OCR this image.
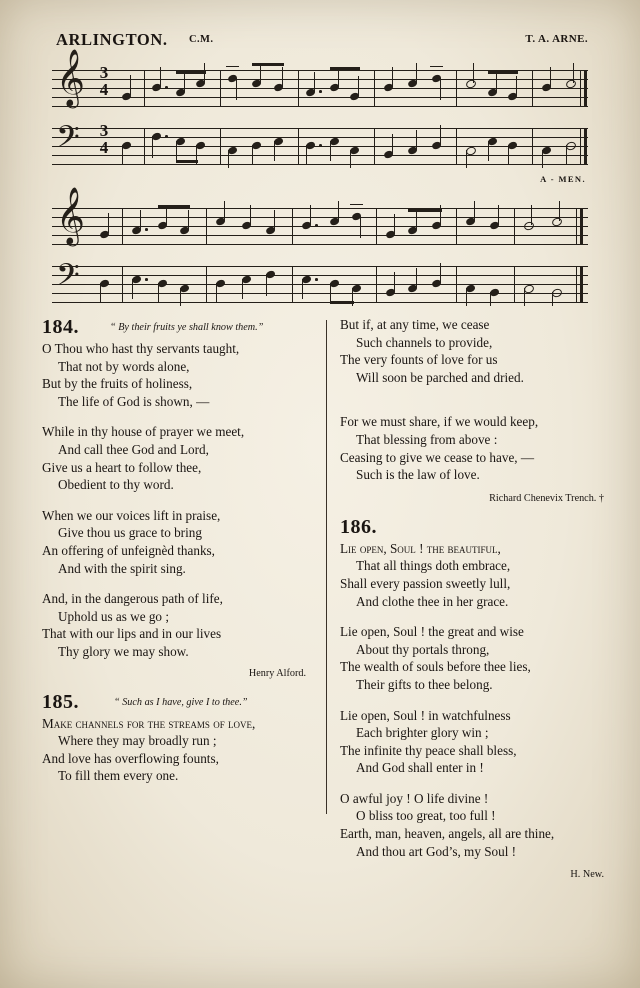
ARLINGTON. C.M.	T. A. ARNE.
𝄞 3
4
𝄢 3
4
𝄞
A - MEN.
𝄢
184.	“ By their fruits ye shall know them.”
O Thou who hast thy servants taught,
That not by words alone,
But by the fruits of holiness,
The life of God is shown, —
While in thy house of prayer we meet,
And call thee God and Lord,
Give us a heart to follow thee,
Obedient to thy word.
When we our voices lift in praise,
Give thou us grace to bring
An offering of unfeignèd thanks,
And with the spirit sing.
And, in the dangerous path of life,
Uphold us as we go ;
That with our lips and in our lives
Thy glory we may show.
Henry Alford.
185.	“ Such as I have, give I to thee.”
Make channels for the streams of love,
Where they may broadly run ;
And love has overflowing founts,
To fill them every one.
But if, at any time, we cease
Such channels to provide,
The very founts of love for us
Will soon be parched and dried.
For we must share, if we would keep,
That blessing from above :
Ceasing to give we cease to have, —
Such is the law of love.
Richard Chenevix Trench. †
186.
Lie open, Soul ! the beautiful,
That all things doth embrace,
Shall every passion sweetly lull,
And clothe thee in her grace.
Lie open, Soul ! the great and wise
About thy portals throng,
The wealth of souls before thee lies,
Their gifts to thee belong.
Lie open, Soul ! in watchfulness
Each brighter glory win ;
The infinite thy peace shall bless,
And God shall enter in !
O awful joy ! O life divine !
O bliss too great, too full !
Earth, man, heaven, angels, all are thine,
And thou art God’s, my Soul !
H. New.
